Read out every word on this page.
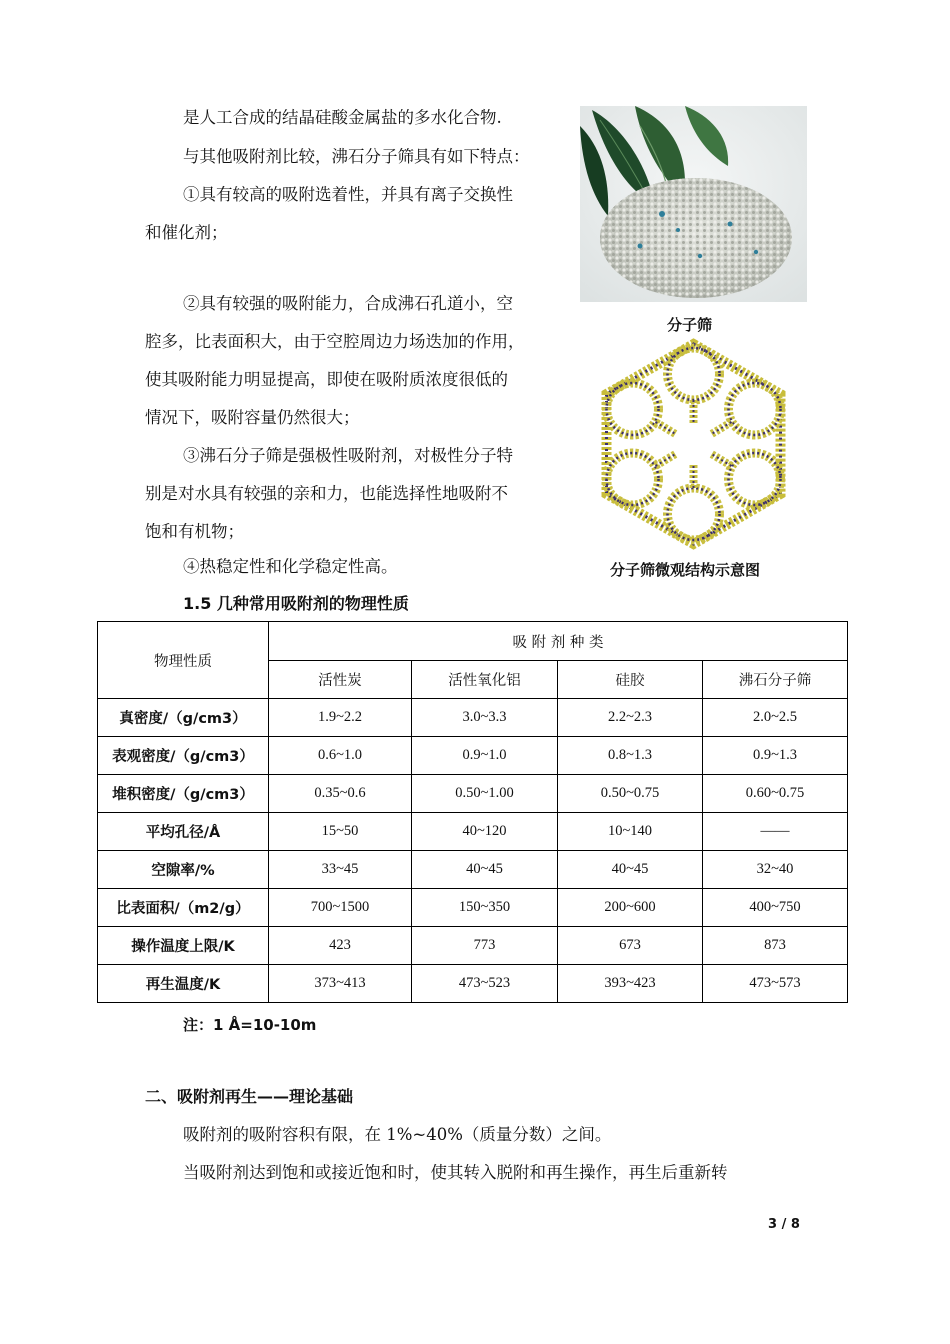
是人工合成的结晶硅酸金属盐的多水化合物.

与其他吸附剂比较，沸石分子筛具有如下特点：

①具有较高的吸附选着性，并具有离子交换性

和催化剂；

②具有较强的吸附能力，合成沸石孔道小，空

腔多，比表面积大，由于空腔周边力场迭加的作用，

使其吸附能力明显提高，即使在吸附质浓度很低的

情况下，吸附容量仍然很大；

③沸石分子筛是强极性吸附剂，对极性分子特

别是对水具有较强的亲和力，也能选择性地吸附不

饱和有机物；

④热稳定性和化学稳定性高。

分子筛
分子筛微观结构示意图
1.5 几种常用吸附剂的物理性质
物理性质	吸 附 剂 种 类			
	活性炭	活性氧化铝	硅胶	沸石分子筛
真密度/（g/cm3）	1.9~2.2	3.0~3.3	2.2~2.3	2.0~2.5
表观密度/（g/cm3）	0.6~1.0	0.9~1.0	0.8~1.3	0.9~1.3
堆积密度/（g/cm3）	0.35~0.6	0.50~1.00	0.50~0.75	0.60~0.75
平均孔径/Å	15~50	40~120	10~140	——
空隙率/%	33~45	40~45	40~45	32~40
比表面积/（m2/g）	700~1500	150~350	200~600	400~750
操作温度上限/K	423	773	673	873
再生温度/K	373~413	473~523	393~423	473~573
注：1 Å=10-10m
二、吸附剂再生——理论基础

吸附剂的吸附容积有限，在 1%~40%（质量分数）之间。

当吸附剂达到饱和或接近饱和时，使其转入脱附和再生操作，再生后重新转

3 / 8
